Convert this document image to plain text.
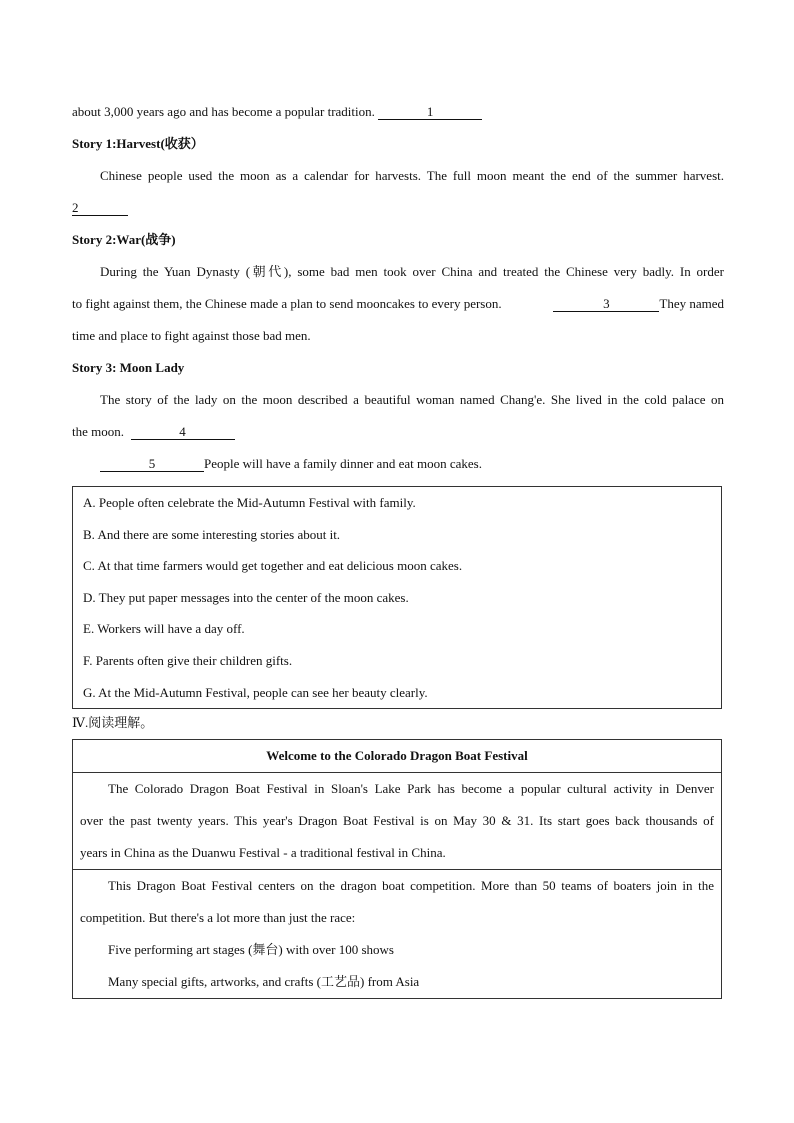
about 3,000 years ago and has become a popular tradition.	1
Story 1:Harvest(收获）
Chinese people used the moon as a calendar for harvests. The full moon meant the end of the summer harvest.
2
Story 2:War(战争)
During the Yuan Dynasty (朝代), some bad men took over China and treated the Chinese very badly. In order
to fight against them, the Chinese made a plan to send mooncakes to every person.	3	They named
time and place to fight against those bad men.
Story 3: Moon Lady
The story of the lady on the moon described a beautiful woman named Chang'e. She lived in the cold palace on
the moon.	4
5	People will have a family dinner and eat moon cakes.
A. People often celebrate the Mid-Autumn Festival with family.
B. And there are some interesting stories about it.
C. At that time farmers would get together and eat delicious moon cakes.
D. They put paper messages into the center of the moon cakes.
E. Workers will have a day off.
F. Parents often give their children gifts.
G. At the Mid-Autumn Festival, people can see her beauty clearly.
Ⅳ.阅读理解。
Welcome to the Colorado Dragon Boat Festival

The Colorado Dragon Boat Festival in Sloan's Lake Park has become a popular cultural activity in Denver
over the past twenty years. This year's Dragon Boat Festival is on May 30 & 31. Its start goes back thousands of
years in China as the Duanwu Festival - a traditional festival in China.

This Dragon Boat Festival centers on the dragon boat competition. More than 50 teams of boaters join in the
competition. But there's a lot more than just the race:
Five performing art stages (舞台) with over 100 shows
Many special gifts, artworks, and crafts (工艺品) from Asia
